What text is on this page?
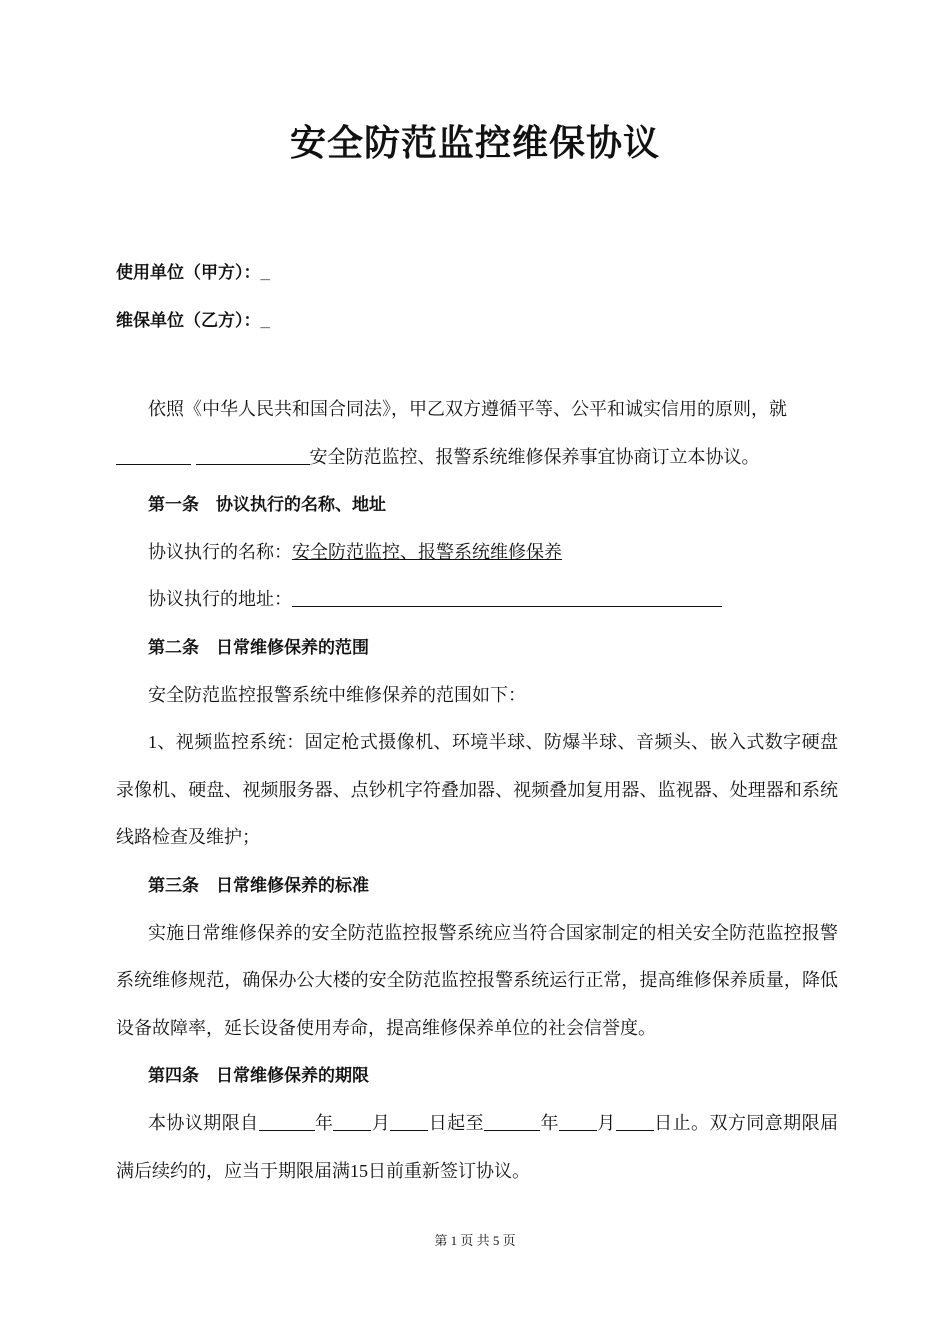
安全防范监控维保协议
使用单位（甲方）：_
维保单位（乙方）：_

依照《中华人民共和国合同法》，甲乙双方遵循平等、公平和诚实信用的原则，就

安全防范监控、报警系统维修保养事宜协商订立本协议。

第一条　协议执行的名称、地址

协议执行的名称：安全防范监控、报警系统维修保养

协议执行的地址：

第二条　日常维修保养的范围

安全防范监控报警系统中维修保养的范围如下：

1、视频监控系统：固定枪式摄像机、环境半球、防爆半球、音频头、嵌入式数字硬盘录像机、硬盘、视频服务器、点钞机字符叠加器、视频叠加复用器、监视器、处理器和系统线路检查及维护；

第三条　日常维修保养的标准

实施日常维修保养的安全防范监控报警系统应当符合国家制定的相关安全防范监控报警系统维修规范，确保办公大楼的安全防范监控报警系统运行正常，提高维修保养质量，降低设备故障率，延长设备使用寿命，提高维修保养单位的社会信誉度。

第四条　日常维修保养的期限

本协议期限自	年 月 日起至	年 月 日止。双方同意期限届满后续约的，应当于期限届满15日前重新签订协议。

第 1 页 共 5 页
